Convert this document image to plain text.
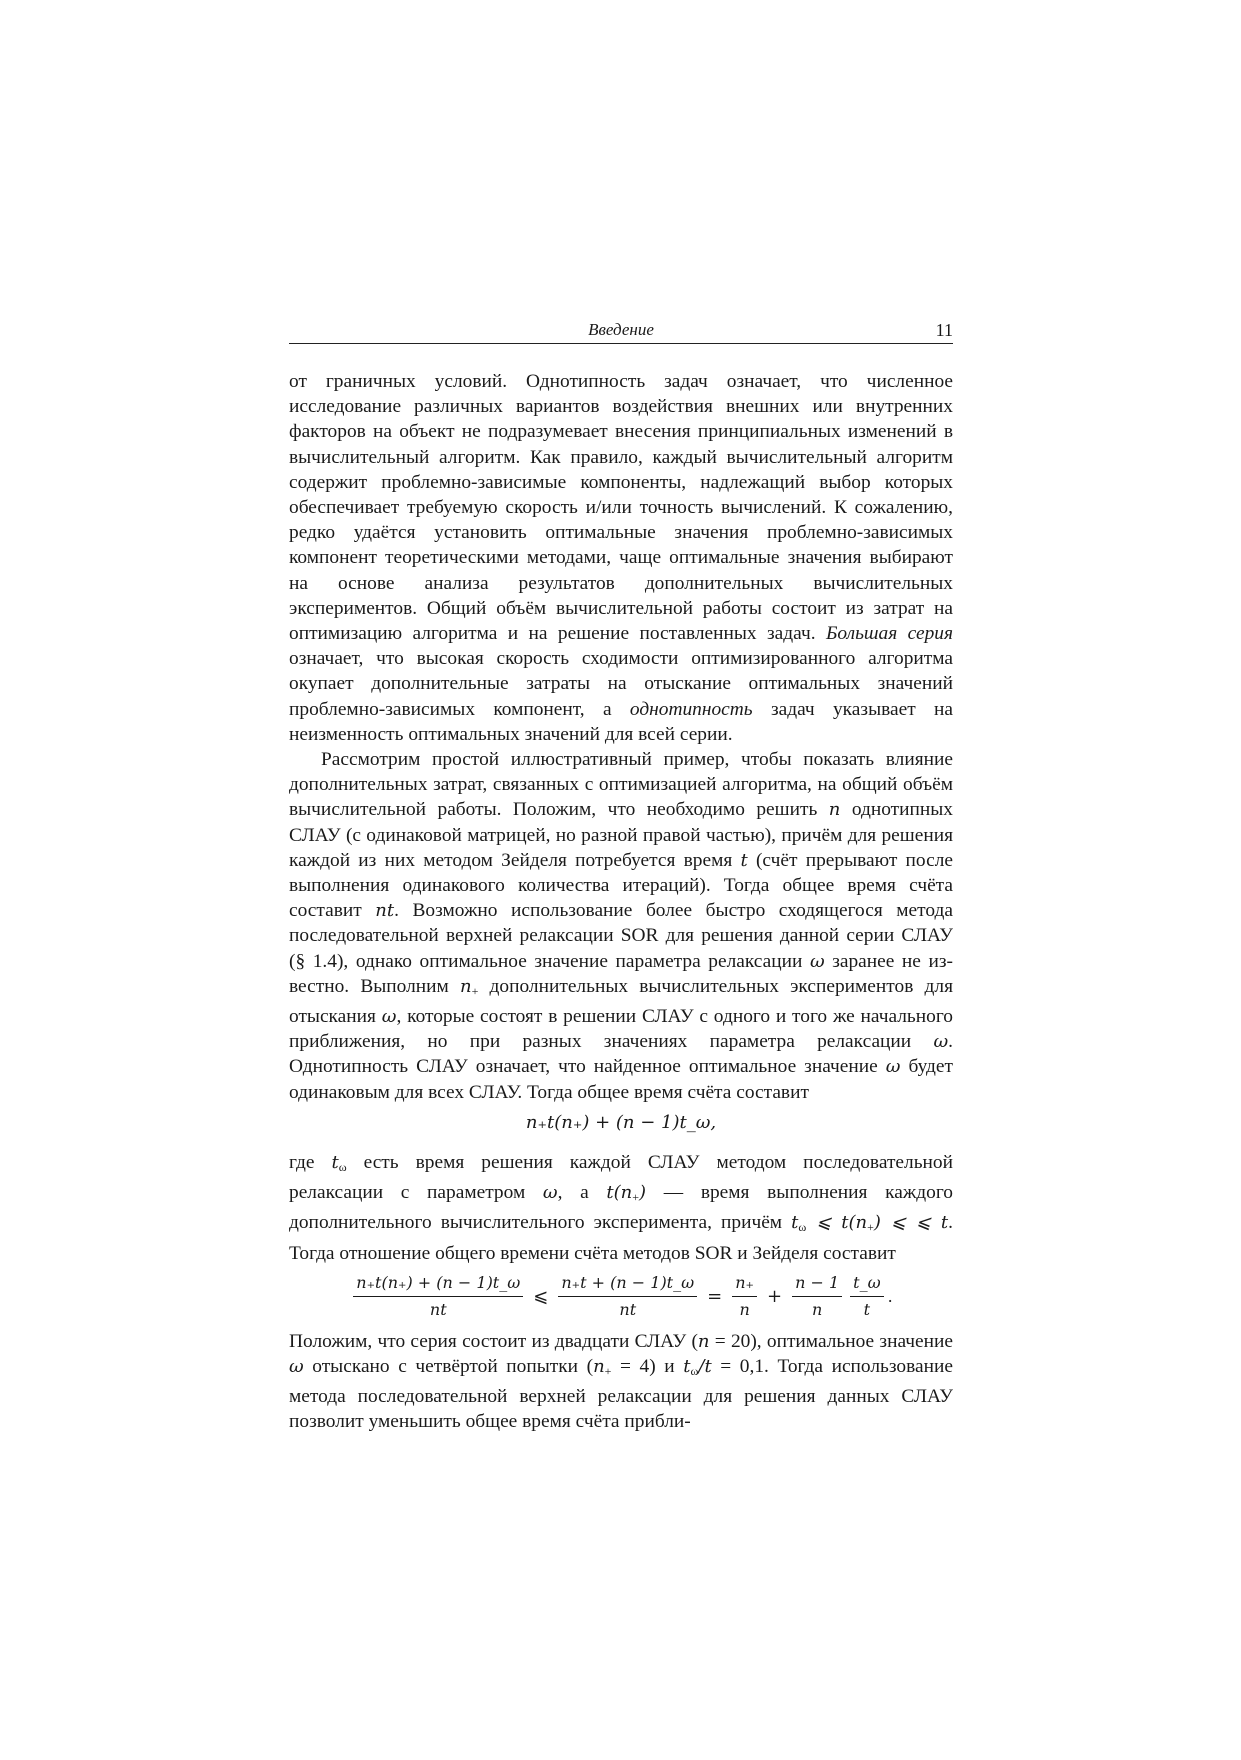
Введение	11

от граничных условий. Однотипность задач означает, что численное исследование различных вариантов воздействия внешних или внутренних факторов на объект не подразумевает внесения принципиальных изменений в вычислительный алгоритм. Как правило, каждый вычислительный алгоритм содержит проблемно-зависимые компоненты, надлежащий выбор которых обеспечивает требуемую скорость и/или точность вычислений. К сожалению, редко удаётся установить оптимальные значения проблемно-зависимых компонент теоретическими методами, чаще оптимальные значения выбирают на основе анализа результатов дополнительных вычислительных экспериментов. Общий объём вычислительной работы состоит из затрат на оптимизацию алгоритма и на решение поставленных задач. Большая серия означает, что высокая скорость сходимости оптимизированного алгоритма окупает дополнительные затраты на отыскание оптимальных значений проблемно-зависимых компонент, а однотипность задач указывает на неизменность оптимальных значений для всей серии.

Рассмотрим простой иллюстративный пример, чтобы показать влияние дополнительных затрат, связанных с оптимизацией алгоритма, на общий объём вычислительной работы. Положим, что необходимо решить n однотипных СЛАУ (с одинаковой матрицей, но разной правой частью), причём для решения каждой из них методом Зейделя потребуется время t (счёт прерывают после выполнения одинакового количества итераций). Тогда общее время счёта составит nt. Возможно использование более быстро сходящегося метода последовательной верхней релаксации SOR для решения данной серии СЛАУ (§ 1.4), однако оптимальное значение параметра релаксации ω заранее не известно. Выполним $n_+$ дополнительных вычислительных экспериментов для отыскания ω, которые состоят в решении СЛАУ с одного и того же начального приближения, но при разных значениях параметра релаксации ω. Однотипность СЛАУ означает, что найденное оптимальное значение ω будет одинаковым для всех СЛАУ. Тогда общее время счёта составит

n₊t(n₊) + (n − 1)t_ω,

где $t_\omega$ есть время решения каждой СЛАУ методом последовательной релаксации с параметром ω, а $t(n_+)$ — время выполнения каждого дополнительного вычислительного эксперимента, причём $t_\omega$ ⩽ $t(n_+)$ ⩽ ⩽ t. Тогда отношение общего времени счёта методов SOR и Зейделя составит

$\frac{n_+t(n_+) + (n - 1)t\_\omega}{nt}$ ⩽ $\frac{n_+t + (n - 1)t\_\omega}{nt} = \frac{n_+}{n} + \frac{n - 1}{n} \frac{t\_\omega}{t}$ .

Положим, что серия состоит из двадцати СЛАУ (n = 20), оптимальное значение ω отыскано с четвёртой попытки $(n_+ = 4)$ и $t_\omega/t = 0,1$. Тогда использование метода последовательной верхней релаксации для решения данных СЛАУ позволит уменьшить общее время счёта прибли-
